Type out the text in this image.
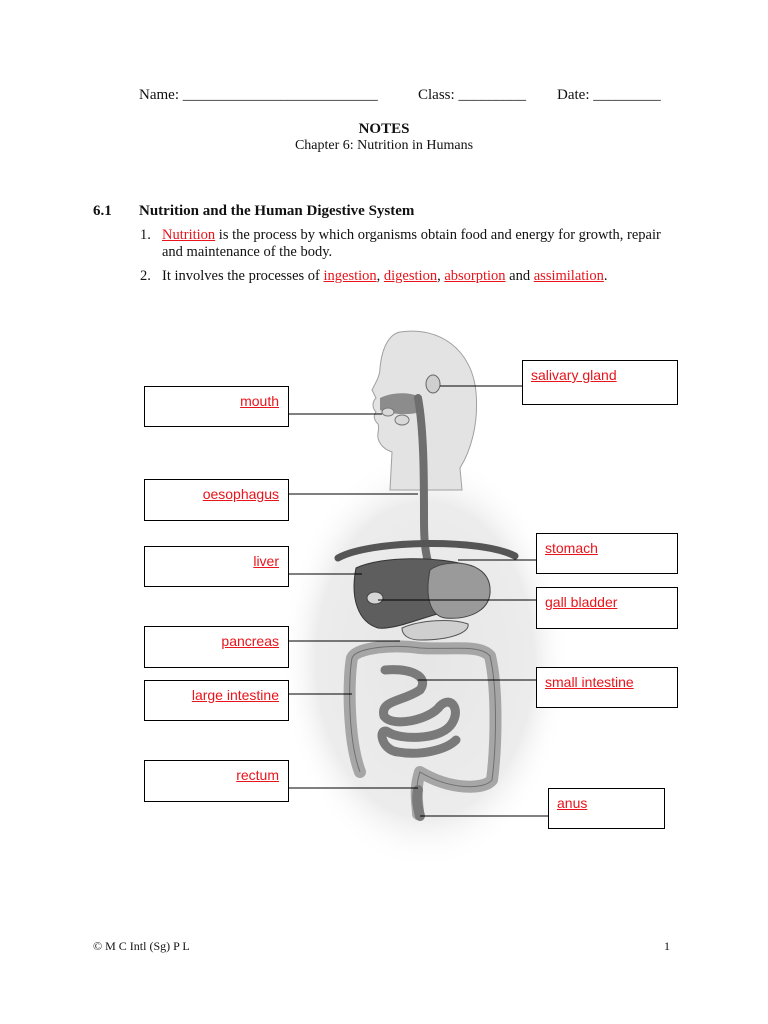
Name: __________________________	Class: _________ Date: _________
NOTES
Chapter 6: Nutrition in Humans
6.1 Nutrition and the Human Digestive System
1. Nutrition is the process by which organisms obtain food and energy for growth, repair and maintenance of the body.
2. It involves the processes of ingestion, digestion, absorption and assimilation.
mouth
oesophagus
liver
pancreas
large intestine
rectum
salivary gland
stomach
gall bladder
small intestine
anus
© M C Intl (Sg) P L	1
